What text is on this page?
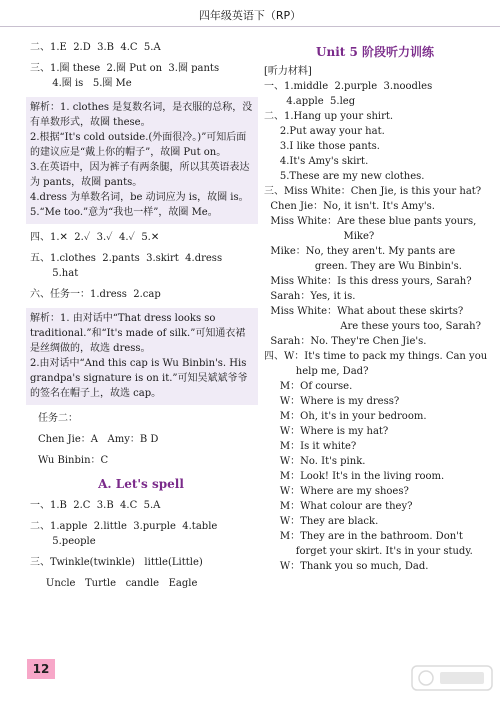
四年级英语下（RP）
二、1.E  2.D  3.B  4.C  5.A
三、1.圈 these  2.圈 Put on  3.圈 pants
4.圈 is   5.圈 Me
解析：1. clothes 是复数名词，是衣服的总称，没有单数形式，故圈 these。
2.根据“It's cold outside.(外面很冷。)”可知后面的建议应是“戴上你的帽子”，故圈 Put on。
3.在英语中，因为裤子有两条腿，所以其英语表达为 pants，故圈 pants。
4.dress 为单数名词，be 动词应为 is，故圈 is。
5.“Me too.”意为“我也一样”，故圈 Me。
四、1.✕  2.✓  3.✓  4.✓  5.✕
五、1.clothes  2.pants  3.skirt  4.dress
5.hat
六、任务一：1.dress  2.cap
解析：1. 由对话中“That dress looks so traditional.”和“It's made of silk.”可知通衣裙是丝绸做的，故选 dress。
2.由对话中“And this cap is Wu Binbin's. His grandpa's signature is on it.”可知吴斌斌爷爷的签名在帽子上，故选 cap。
任务二：
Chen Jie：A   Amy：B D
Wu Binbin：C
A. Let's spell
一、1.B  2.C  3.B  4.C  5.A
二、1.apple  2.little  3.purple  4.table
5.people
三、Twinkle(twinkle)   little(Little)
Uncle   Turtle   candle   Eagle
Unit 5 阶段听力训练
[听力材料]
一、1.middle  2.purple  3.noodles
4.apple  5.leg
二、1.Hang up your shirt.
2.Put away your hat.
3.I like those pants.
4.It's Amy's skirt.
5.These are my new clothes.
三、Miss White：Chen Jie, is this your hat?
Chen Jie：No, it isn't. It's Amy's.
Miss White：Are these blue pants yours,
Mike?
Mike：No, they aren't. My pants are
green. They are Wu Binbin's.
Miss White：Is this dress yours, Sarah?
Sarah：Yes, it is.
Miss White：What about these skirts?
Are these yours too, Sarah?
Sarah：No. They're Chen Jie's.
四、W：It's time to pack my things. Can you
help me, Dad?
M：Of course.
W：Where is my dress?
M：Oh, it's in your bedroom.
W：Where is my hat?
M：Is it white?
W：No. It's pink.
M：Look! It's in the living room.
W：Where are my shoes?
M：What colour are they?
W：They are black.
M：They are in the bathroom. Don't
forget your skirt. It's in your study.
W：Thank you so much, Dad.
12
